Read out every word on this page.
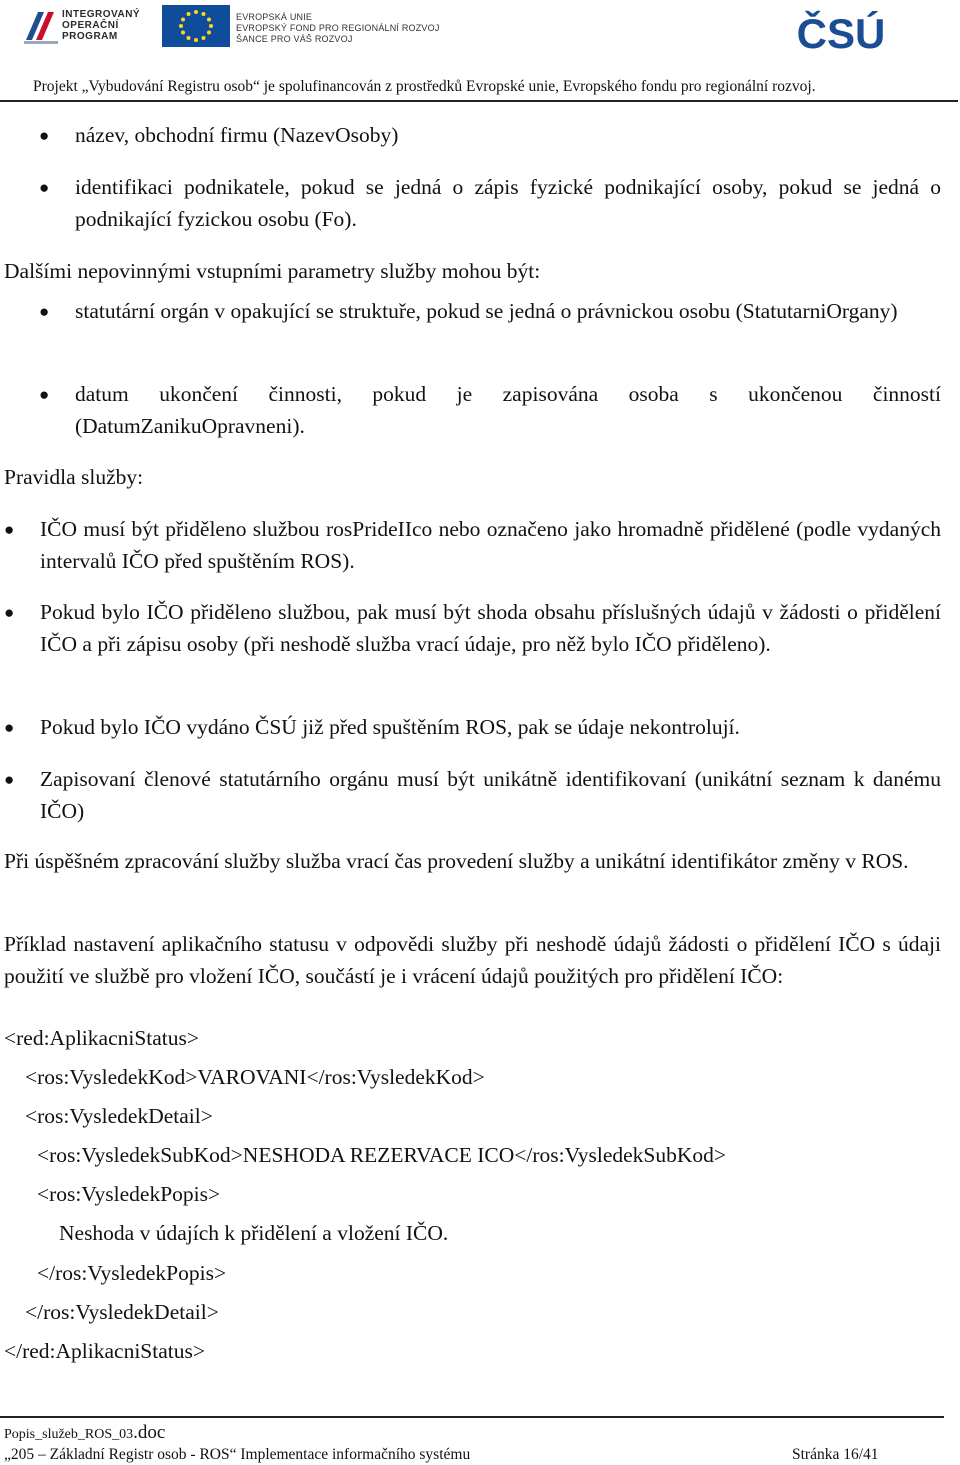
INTEGROVANÝ
OPERAČNÍ
PROGRAM
EVROPSKÁ UNIE
EVROPSKÝ FOND PRO REGIONÁLNÍ ROZVOJ
ŠANCE PRO VÁŠ ROZVOJ	ČSÚ
Projekt „Vybudování Registru osob“ je spolufinancován z prostředků Evropské unie, Evropského fondu pro regionální rozvoj.
● název, obchodní firmu (NazevOsoby)
● identifikaci podnikatele, pokud se jedná o zápis fyzické podnikající osoby, pokud se jedná o podnikající fyzickou osobu (Fo).
Dalšími nepovinnými vstupními parametry služby mohou být:
● statutární orgán v opakující se struktuře, pokud se jedná o právnickou osobu (StatutarniOrgany)
● datum ukončení činnosti, pokud je zapisována osoba s ukončenou činností (DatumZanikuOpravneni).
Pravidla služby:
● IČO musí být přiděleno službou rosPrideIIco nebo označeno jako hromadně přidělené (podle vydaných intervalů IČO před spuštěním ROS).
● Pokud bylo IČO přiděleno službou, pak musí být shoda obsahu příslušných údajů v žádosti o přidělení IČO a při zápisu osoby (při neshodě služba vrací údaje, pro něž bylo IČO přiděleno).
● Pokud bylo IČO vydáno ČSÚ již před spuštěním ROS, pak se údaje nekontrolují.
● Zapisovaní členové statutárního orgánu musí být unikátně identifikovaní (unikátní seznam k danému IČO)
Při úspěšném zpracování služby služba vrací čas provedení služby a unikátní identifikátor změny v ROS.
Příklad nastavení aplikačního statusu v odpovědi služby při neshodě údajů žádosti o přidělení IČO s údaji použití ve službě pro vložení IČO, součástí je i vrácení údajů použitých pro přidělení IČO:
<red:AplikacniStatus>
<ros:VysledekKod>VAROVANI</ros:VysledekKod>
<ros:VysledekDetail>
<ros:VysledekSubKod>NESHODA REZERVACE ICO</ros:VysledekSubKod>
<ros:VysledekPopis>
Neshoda v údajích k přidělení a vložení IČO.
</ros:VysledekPopis>
</ros:VysledekDetail>
</red:AplikacniStatus>
Popis_služeb_ROS_03.doc
„205 – Základní Registr osob - ROS“ Implementace informačního systému	Stránka 16/41
